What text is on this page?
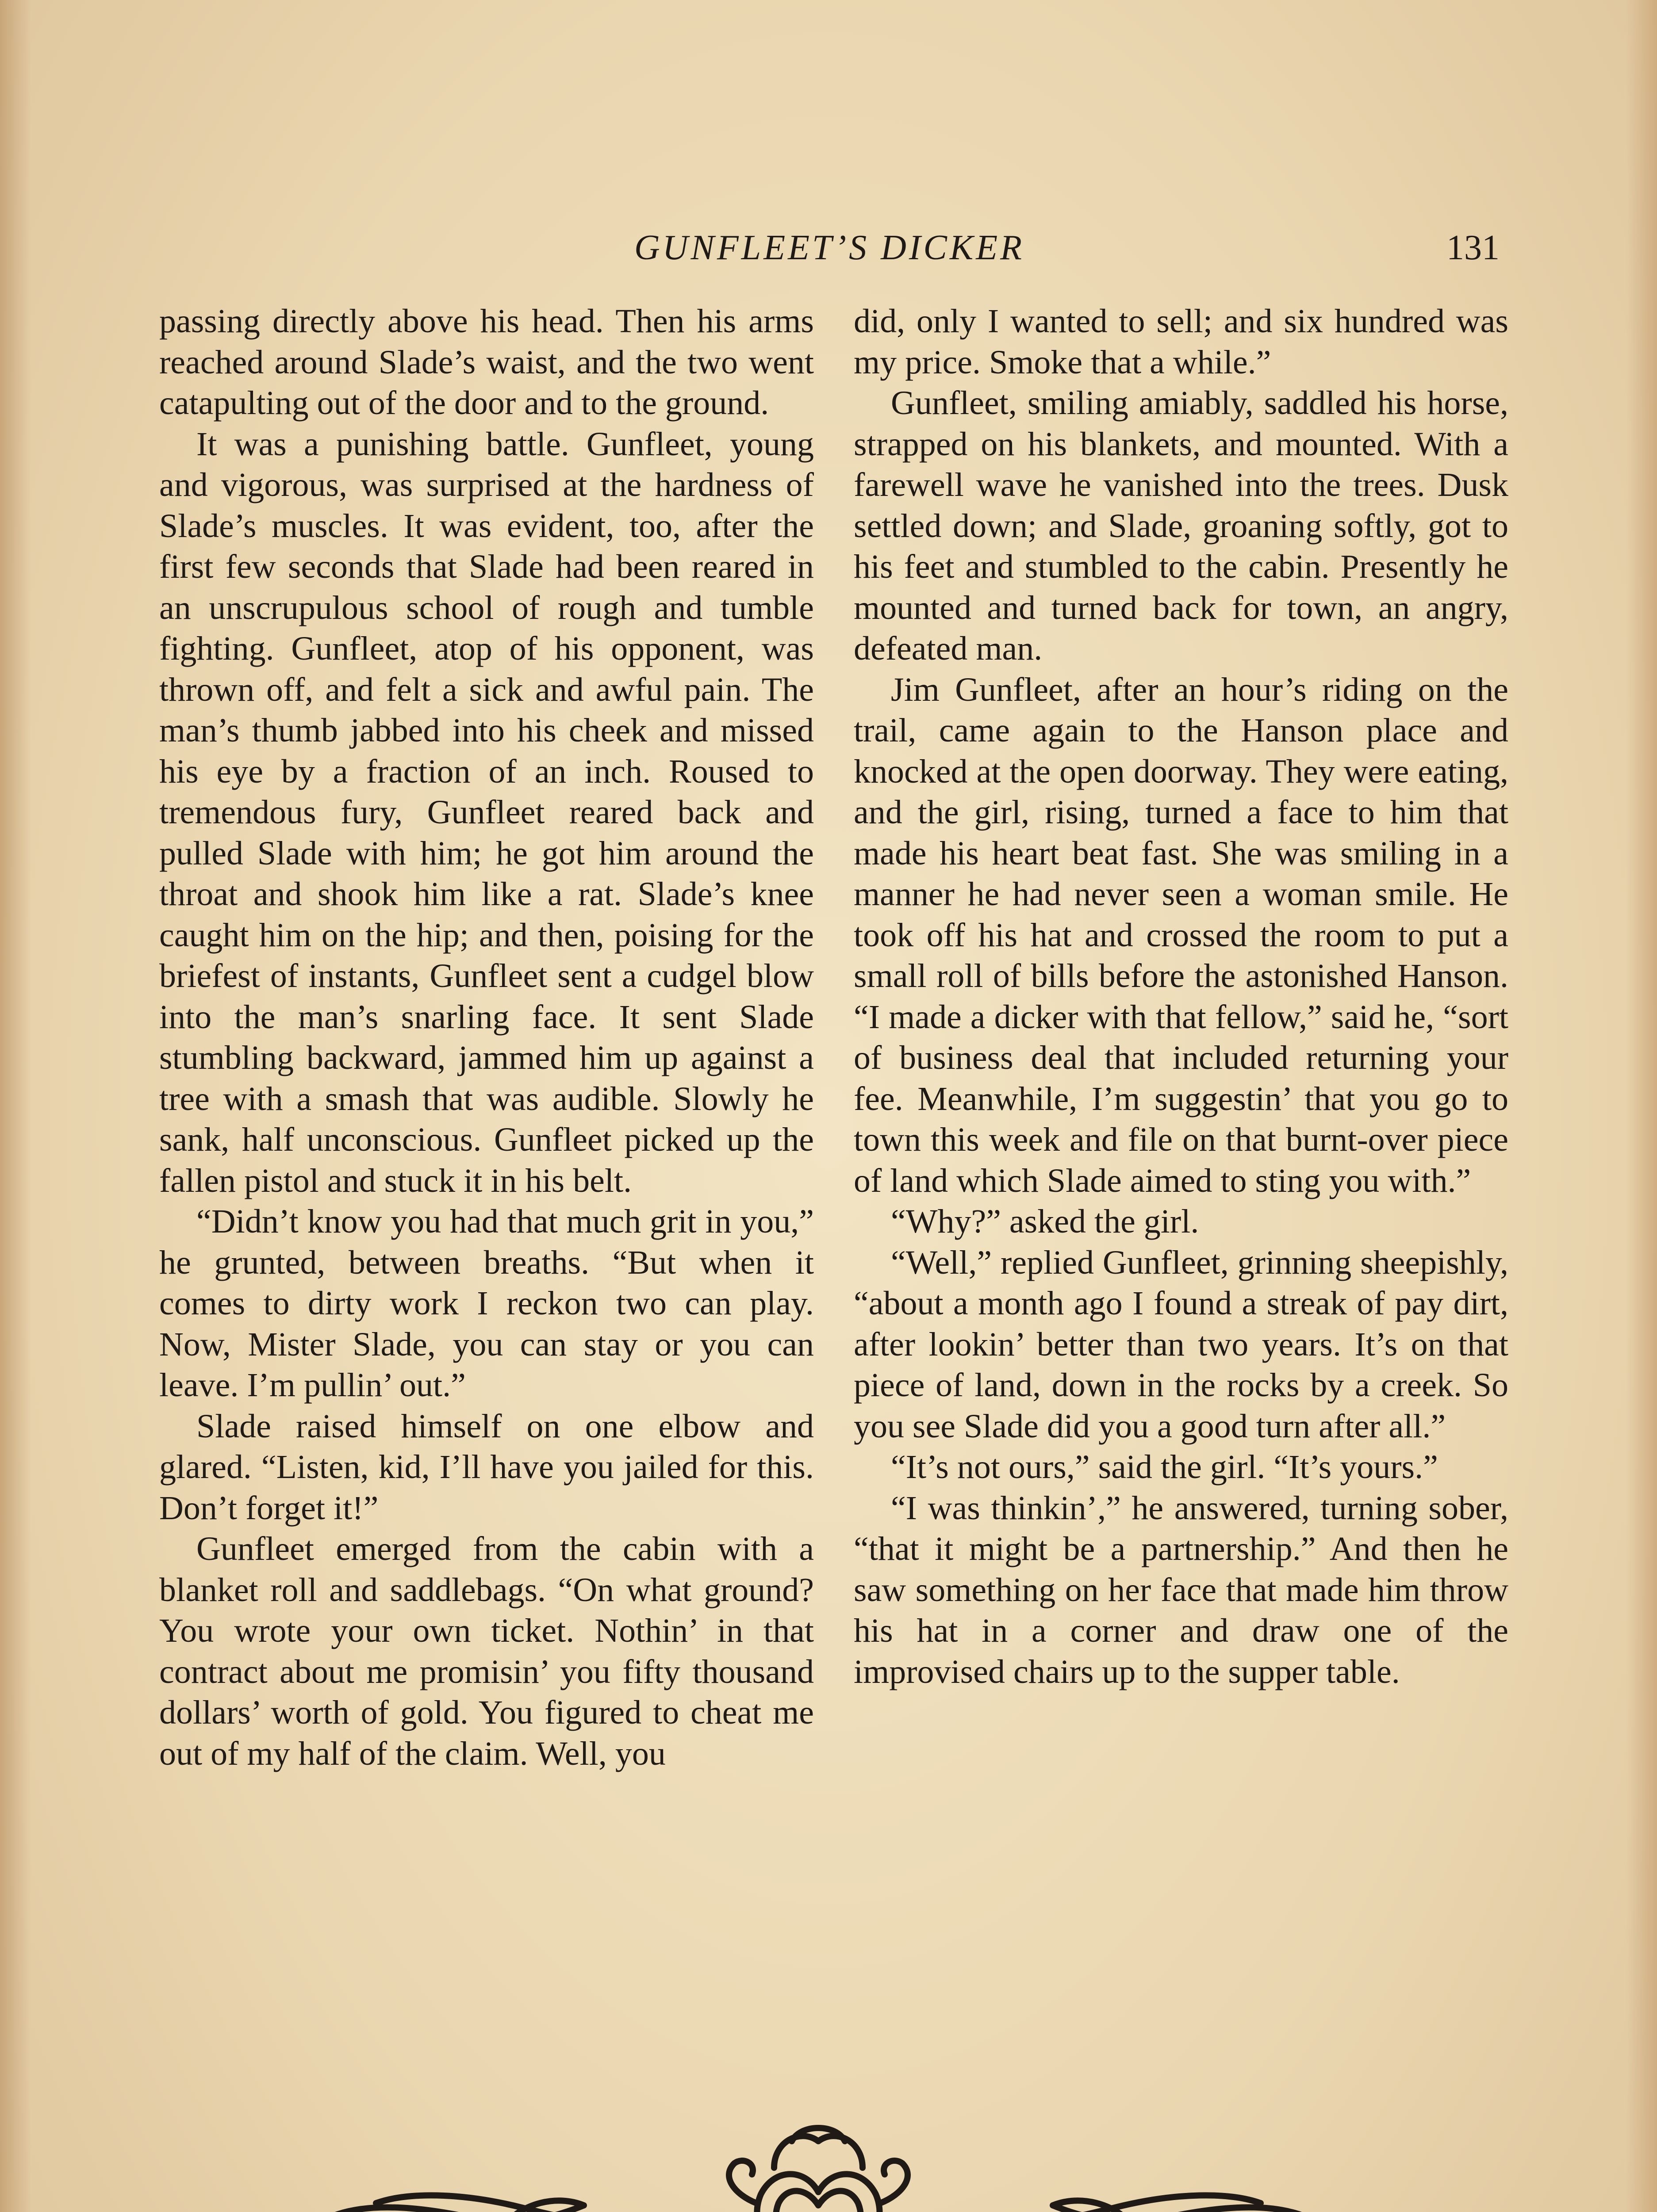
GUNFLEET’S DICKER	131

passing directly above his head. Then his arms reached around Slade’s waist, and the two went catapulting out of the door and to the ground.

It was a punishing battle. Gunfleet, young and vigorous, was surprised at the hardness of Slade’s muscles. It was evident, too, after the first few seconds that Slade had been reared in an unscrupulous school of rough and tumble fighting. Gunfleet, atop of his opponent, was thrown off, and felt a sick and awful pain. The man’s thumb jabbed into his cheek and missed his eye by a fraction of an inch. Roused to tremendous fury, Gunfleet reared back and pulled Slade with him; he got him around the throat and shook him like a rat. Slade’s knee caught him on the hip; and then, poising for the briefest of instants, Gunfleet sent a cudgel blow into the man’s snarling face. It sent Slade stumbling backward, jammed him up against a tree with a smash that was audible. Slowly he sank, half unconscious. Gunfleet picked up the fallen pistol and stuck it in his belt.

“Didn’t know you had that much grit in you,” he grunted, between breaths. “But when it comes to dirty work I reckon two can play. Now, Mister Slade, you can stay or you can leave. I’m pullin’ out.”

Slade raised himself on one elbow and glared. “Listen, kid, I’ll have you jailed for this. Don’t forget it!”

Gunfleet emerged from the cabin with a blanket roll and saddlebags. “On what ground? You wrote your own ticket. Nothin’ in that contract about me promisin’ you fifty thousand dollars’ worth of gold. You figured to cheat me out of my half of the claim. Well, you

did, only I wanted to sell; and six hundred was my price. Smoke that a while.”

Gunfleet, smiling amiably, saddled his horse, strapped on his blankets, and mounted. With a farewell wave he vanished into the trees. Dusk settled down; and Slade, groaning softly, got to his feet and stumbled to the cabin. Presently he mounted and turned back for town, an angry, defeated man.

Jim Gunfleet, after an hour’s riding on the trail, came again to the Hanson place and knocked at the open doorway. They were eating, and the girl, rising, turned a face to him that made his heart beat fast. She was smiling in a manner he had never seen a woman smile. He took off his hat and crossed the room to put a small roll of bills before the astonished Hanson. “I made a dicker with that fellow,” said he, “sort of business deal that included returning your fee. Meanwhile, I’m suggestin’ that you go to town this week and file on that burnt-over piece of land which Slade aimed to sting you with.”

“Why?” asked the girl.

“Well,” replied Gunfleet, grinning sheepishly, “about a month ago I found a streak of pay dirt, after lookin’ better than two years. It’s on that piece of land, down in the rocks by a creek. So you see Slade did you a good turn after all.”

“It’s not ours,” said the girl. “It’s yours.”

“I was thinkin’,” he answered, turning sober, “that it might be a partnership.” And then he saw something on her face that made him throw his hat in a corner and draw one of the improvised chairs up to the supper table.
